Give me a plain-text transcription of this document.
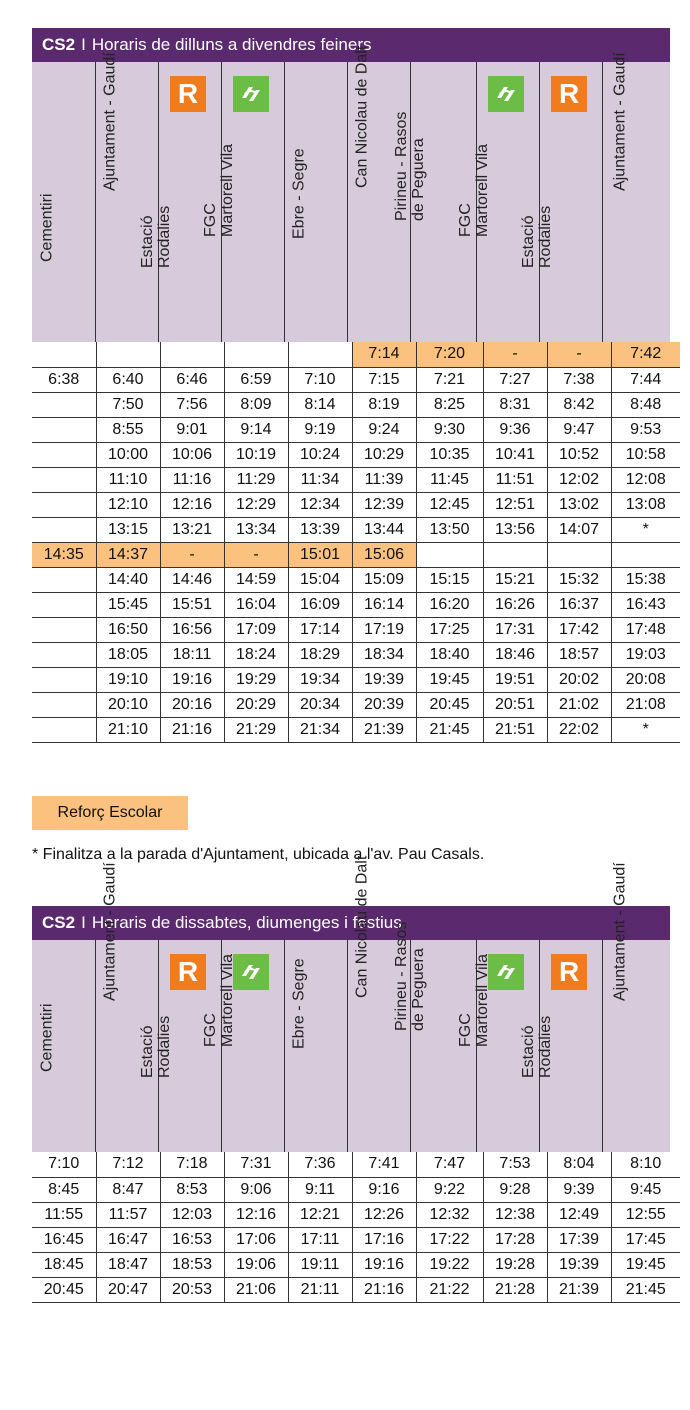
CS2 I Horaris de dilluns a divendres feiners
Cementiri
Ajuntament - Gaudí R
Estació
Rodalies FGC
Martorell Vila	Ebre - Segre
Can Nicolau de Dalt
Pirineu - Rasos
de Peguera
FGC
Martorell Vila
R
Estació
Rodalies
Ajuntament - Gaudí
					7:14	7:20	-	-	7:42
6:38	6:40	6:46	6:59	7:10	7:15	7:21	7:27	7:38	7:44
	7:50	7:56	8:09	8:14	8:19	8:25	8:31	8:42	8:48
	8:55	9:01	9:14	9:19	9:24	9:30	9:36	9:47	9:53
	10:00	10:06	10:19	10:24	10:29	10:35	10:41	10:52	10:58
	11:10	11:16	11:29	11:34	11:39	11:45	11:51	12:02	12:08
	12:10	12:16	12:29	12:34	12:39	12:45	12:51	13:02	13:08
	13:15	13:21	13:34	13:39	13:44	13:50	13:56	14:07	*
14:35	14:37	-	-	15:01	15:06				
	14:40	14:46	14:59	15:04	15:09	15:15	15:21	15:32	15:38
	15:45	15:51	16:04	16:09	16:14	16:20	16:26	16:37	16:43
	16:50	16:56	17:09	17:14	17:19	17:25	17:31	17:42	17:48
	18:05	18:11	18:24	18:29	18:34	18:40	18:46	18:57	19:03
	19:10	19:16	19:29	19:34	19:39	19:45	19:51	20:02	20:08
	20:10	20:16	20:29	20:34	20:39	20:45	20:51	21:02	21:08
	21:10	21:16	21:29	21:34	21:39	21:45	21:51	22:02	*
Reforç Escolar
* Finalitza a la parada d'Ajuntament, ubicada a l'av. Pau Casals.
CS2 I Horaris de dissabtes, diumenges i festius
Cementiri
Ajuntament - Gaudí R
Estació
Rodalies FGC
Martorell Vila	Ebre - Segre
Can Nicolau de Dalt
Pirineu - Rasos
de Peguera
FGC
Martorell Vila R
Estació
Rodalies
Ajuntament - Gaudí
7:10	7:12	7:18	7:31	7:36	7:41	7:47	7:53	8:04	8:10
8:45	8:47	8:53	9:06	9:11	9:16	9:22	9:28	9:39	9:45
11:55	11:57	12:03	12:16	12:21	12:26	12:32	12:38	12:49	12:55
16:45	16:47	16:53	17:06	17:11	17:16	17:22	17:28	17:39	17:45
18:45	18:47	18:53	19:06	19:11	19:16	19:22	19:28	19:39	19:45
20:45	20:47	20:53	21:06	21:11	21:16	21:22	21:28	21:39	21:45
